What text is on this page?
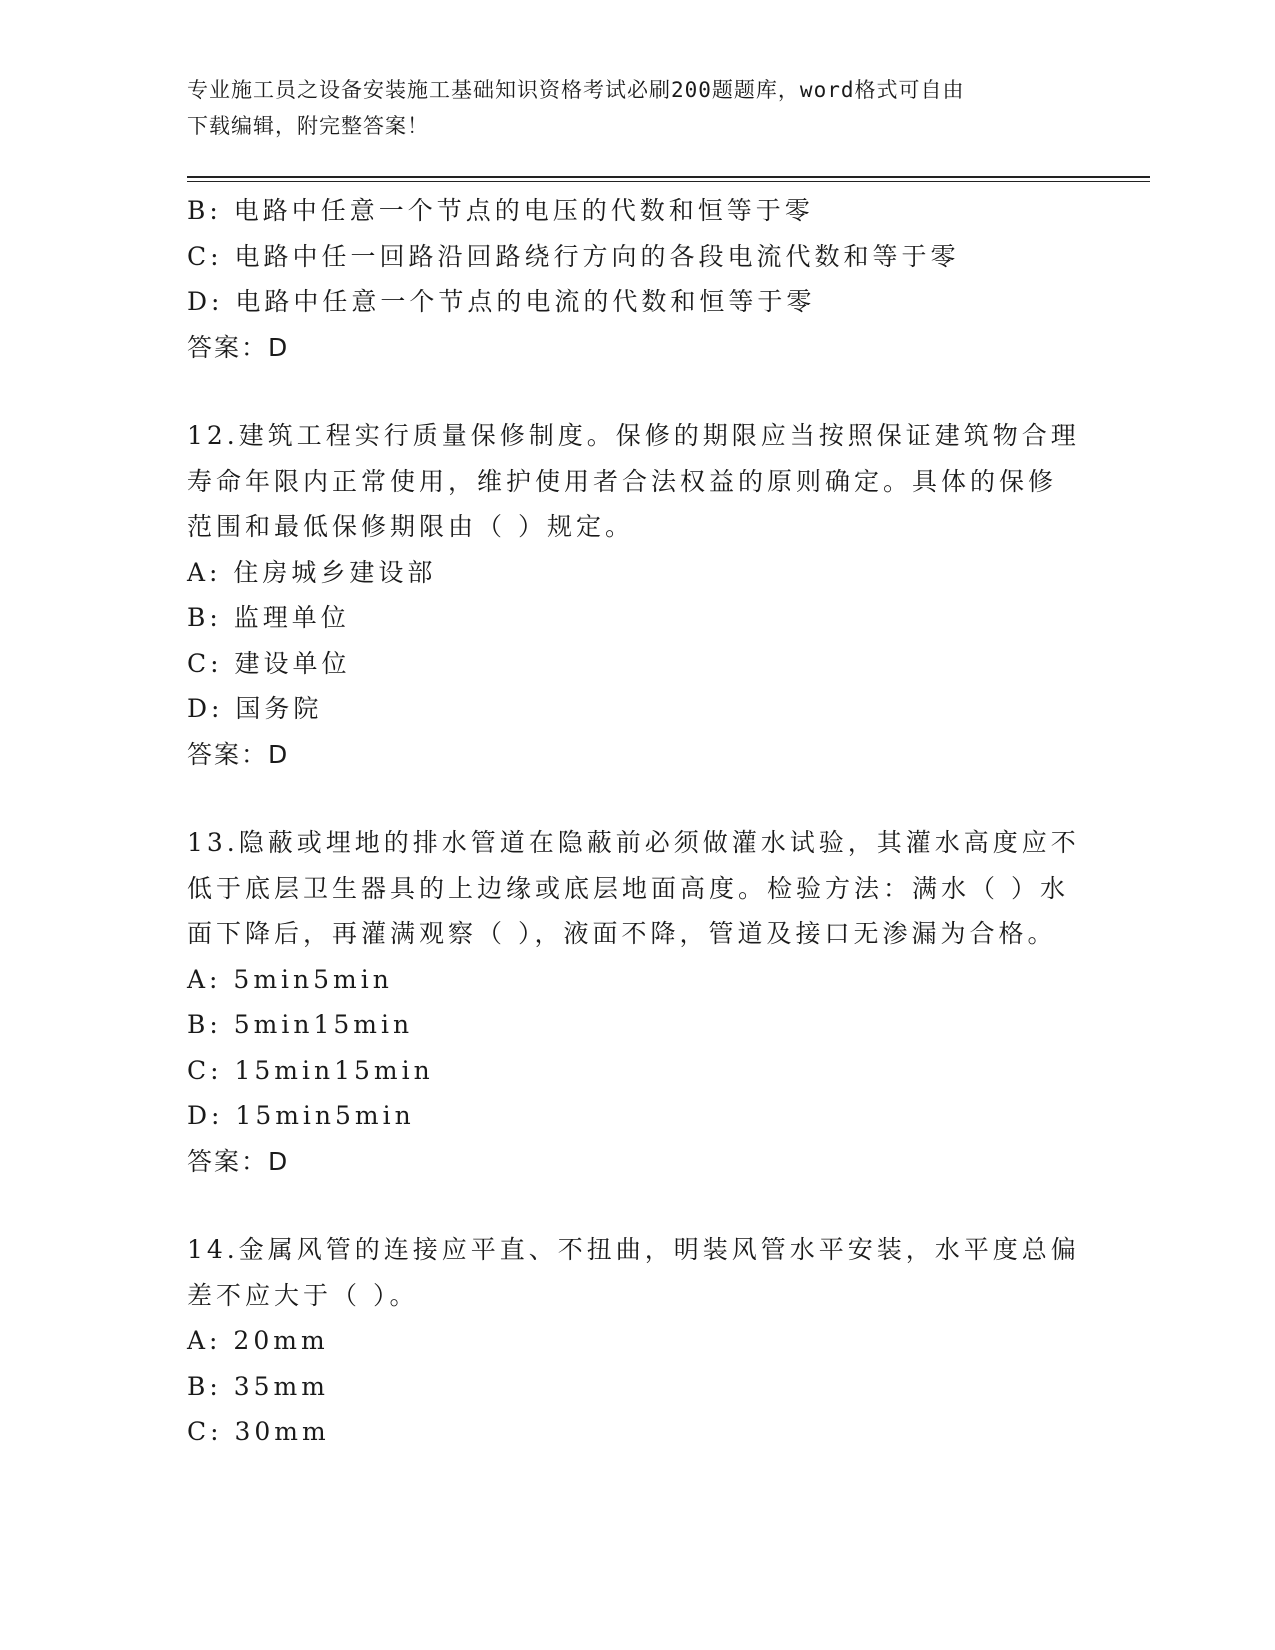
专业施工员之设备安装施工基础知识资格考试必刷200题题库，word格式可自由
下载编辑，附完整答案！
B: 电路中任意一个节点的电压的代数和恒等于零
C: 电路中任一回路沿回路绕行方向的各段电流代数和等于零
D: 电路中任意一个节点的电流的代数和恒等于零
答案：D
12.建筑工程实行质量保修制度。保修的期限应当按照保证建筑物合理
寿命年限内正常使用，维护使用者合法权益的原则确定。具体的保修
范围和最低保修期限由（ ）规定。
A: 住房城乡建设部
B: 监理单位
C: 建设单位
D: 国务院
答案：D
13.隐蔽或埋地的排水管道在隐蔽前必须做灌水试验，其灌水高度应不
低于底层卫生器具的上边缘或底层地面高度。检验方法：满水（ ）水
面下降后，再灌满观察（ ），液面不降，管道及接口无渗漏为合格。
A: 5min5min
B: 5min15min
C: 15min15min
D: 15min5min
答案：D
14.金属风管的连接应平直、不扭曲，明装风管水平安装，水平度总偏
差不应大于（ ）。
A: 20mm
B: 35mm
C: 30mm
